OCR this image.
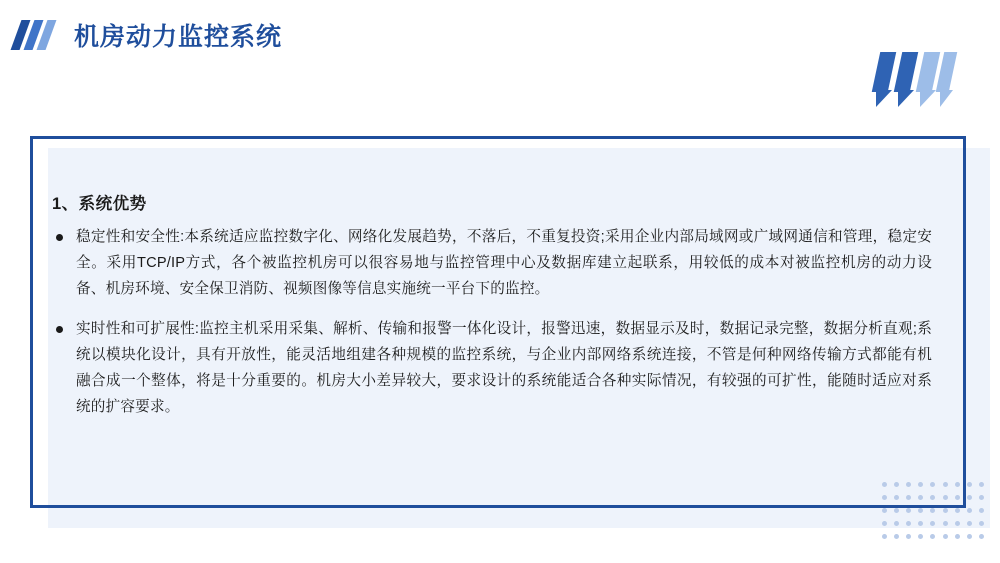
机房动力监控系统
1、系统优势
稳定性和安全性:本系统适应监控数字化、网络化发展趋势，不落后，不重复投资;采用企业内部局域网或广域网通信和管理，稳定安全。采用TCP/IP方式，各个被监控机房可以很容易地与监控管理中心及数据库建立起联系，用较低的成本对被监控机房的动力设备、机房环境、安全保卫消防、视频图像等信息实施统一平台下的监控。
实时性和可扩展性:监控主机采用采集、解析、传输和报警一体化设计，报警迅速，数据显示及时，数据记录完整，数据分析直观;系统以模块化设计，具有开放性，能灵活地组建各种规模的监控系统，与企业内部网络系统连接，不管是何种网络传输方式都能有机融合成一个整体，将是十分重要的。机房大小差异较大，要求设计的系统能适合各种实际情况，有较强的可扩性，能随时适应对系统的扩容要求。
